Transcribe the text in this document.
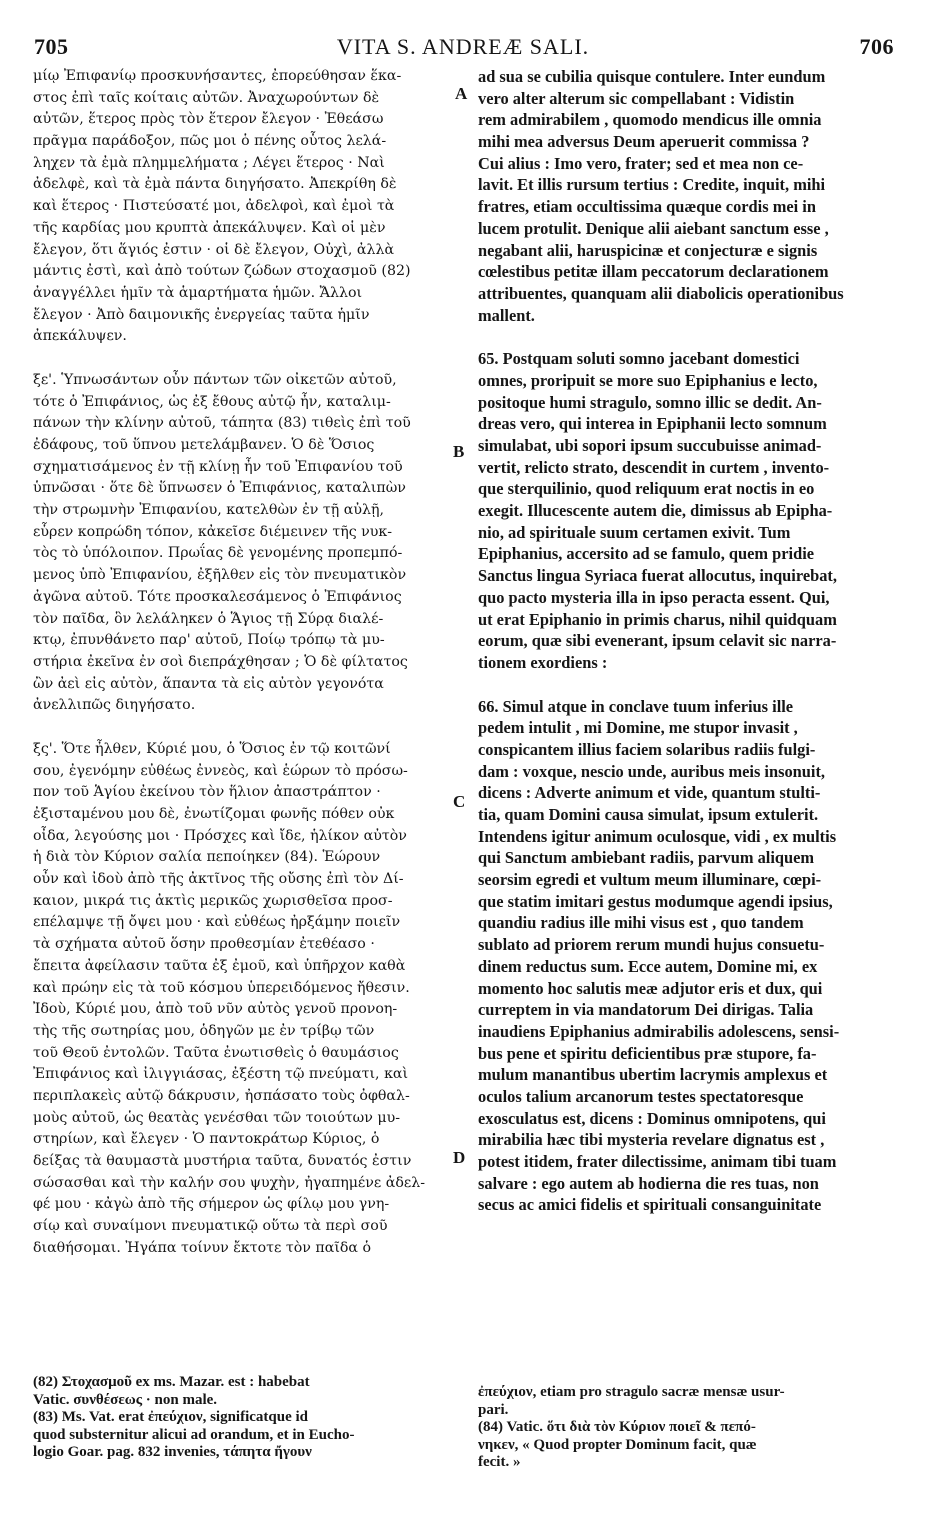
705	VITA S. ANDREÆ SALI.	706
μίῳ Ἐπιφανίῳ προσκυνήσαντες, ἐπορεύθησαν ἕκα-
στος ἐπὶ ταῖς κοίταις αὐτῶν. Ἀναχωρούντων δὲ
αὐτῶν, ἕτερος πρὸς τὸν ἕτερον ἔλεγον · Ἐθεάσω
πρᾶγμα παράδοξον, πῶς μοι ὁ πένης οὗτος λελά-
ληχεν τὰ ἐμὰ πλημμελήματα ; Λέγει ἕτερος · Ναὶ
ἀδελφὲ, καὶ τὰ ἐμὰ πάντα διηγήσατο. Ἀπεκρίθη δὲ
καὶ ἕτερος · Πιστεύσατέ μοι, ἀδελφοὶ, καὶ ἐμοὶ τὰ
τῆς καρδίας μου κρυπτὰ ἀπεκάλυψεν. Καὶ οἱ μὲν
ἔλεγον, ὅτι ἅγιός ἐστιν · οἱ δὲ ἔλεγον, Οὐχὶ, ἀλλὰ
μάντις ἐστὶ, καὶ ἀπὸ τούτων ζώδων στοχασμοῦ (82)
ἀναγγέλλει ἡμῖν τὰ ἁμαρτήματα ἡμῶν. Ἄλλοι
ἔλεγον · Ἀπὸ δαιμονικῆς ἐνεργείας ταῦτα ἡμῖν
ἀπεκάλυψεν.
ξε'. Ὑπνωσάντων οὖν πάντων τῶν οἰκετῶν αὐτοῦ,
τότε ὁ Ἐπιφάνιος, ὡς ἐξ ἔθους αὐτῷ ἦν, καταλιμ-
πάνων τὴν κλίνην αὐτοῦ, τάπητα (83) τιθεὶς ἐπὶ τοῦ
ἐδάφους, τοῦ ὕπνου μετελάμβανεν. Ὁ δὲ Ὅσιος
σχηματισάμενος ἐν τῇ κλίνῃ ἦν τοῦ Ἐπιφανίου τοῦ
ὑπνῶσαι · ὅτε δὲ ὕπνωσεν ὁ Ἐπιφάνιος, καταλιπὼν
τὴν στρωμνὴν Ἐπιφανίου, κατελθὼν ἐν τῇ αὐλῇ,
εὗρεν κοπρώδη τόπον, κἀκεῖσε διέμεινεν τῆς νυκ-
τὸς τὸ ὑπόλοιπον. Πρωΐας δὲ γενομένης προπεμπό-
μενος ὑπὸ Ἐπιφανίου, ἐξῆλθεν εἰς τὸν πνευματικὸν
ἀγῶνα αὐτοῦ. Τότε προσκαλεσάμενος ὁ Ἐπιφάνιος
τὸν παῖδα, ὃν λελάληκεν ὁ Ἅγιος τῇ Σύρᾳ διαλέ-
κτῳ, ἐπυνθάνετο παρ' αὐτοῦ, Ποίῳ τρόπῳ τὰ μυ-
στήρια ἐκεῖνα ἐν σοὶ διεπράχθησαν ; Ὁ δὲ φίλτατος
ὢν ἀεὶ εἰς αὐτὸν, ἅπαντα τὰ εἰς αὐτὸν γεγονότα
ἀνελλιπῶς διηγήσατο.
ξς'. Ὅτε ἦλθεν, Κύριέ μου, ὁ Ὅσιος ἐν τῷ κοιτῶνί
σου, ἐγενόμην εὐθέως ἐννεὸς, καὶ ἑώρων τὸ πρόσω-
πον τοῦ Ἁγίου ἐκείνου τὸν ἥλιον ἀπαστράπτον ·
ἐξισταμένου μου δὲ, ἐνωτίζομαι φωνῆς πόθεν οὐκ
οἶδα, λεγούσης μοι · Πρόσχες καὶ ἴδε, ἡλίκον αὐτὸν
ἡ διὰ τὸν Κύριον σαλία πεποίηκεν (84). Ἑώρουν
οὖν καὶ ἰδοὺ ἀπὸ τῆς ἀκτῖνος τῆς οὔσης ἐπὶ τὸν Δί-
καιον, μικρά τις ἀκτὶς μερικῶς χωρισθεῖσα προσ-
επέλαμψε τῇ ὄψει μου · καὶ εὐθέως ἠρξάμην ποιεῖν
τὰ σχήματα αὐτοῦ ὅσην προθεσμίαν ἐτεθέασο ·
ἔπειτα ἀφείλασιν ταῦτα ἐξ ἐμοῦ, καὶ ὑπῆρχον καθὰ
καὶ πρώην εἰς τὰ τοῦ κόσμου ὑπερειδόμενος ἤθεσιν.
Ἰδοὺ, Κύριέ μου, ἀπὸ τοῦ νῦν αὐτὸς γενοῦ προνοη-
τὴς τῆς σωτηρίας μου, ὁδηγῶν με ἐν τρίβῳ τῶν
τοῦ Θεοῦ ἐντολῶν. Ταῦτα ἐνωτισθεὶς ὁ θαυμάσιος
Ἐπιφάνιος καὶ ἰλιγγιάσας, ἐξέστη τῷ πνεύματι, καὶ
περιπλακεὶς αὐτῷ δάκρυσιν, ἠσπάσατο τοὺς ὀφθαλ-
μοὺς αὐτοῦ, ὡς θεατὰς γενέσθαι τῶν τοιούτων μυ-
στηρίων, καὶ ἔλεγεν · Ὁ παντοκράτωρ Κύριος, ὁ
δείξας τὰ θαυμαστὰ μυστήρια ταῦτα, δυνατός ἐστιν
σώσασθαι καὶ τὴν καλήν σου ψυχὴν, ἠγαπημένε ἀδελ-
φέ μου · κἀγὼ ἀπὸ τῆς σήμερον ὡς φίλῳ μου γνη-
σίῳ καὶ συναίμονι πνευματικῷ οὕτω τὰ περὶ σοῦ
διαθήσομαι. Ἠγάπα τοίνυν ἔκτοτε τὸν παῖδα ὁ
ad sua se cubilia quisque contulere. Inter eundum
vero alter alterum sic compellabant : Vidistin
rem admirabilem , quomodo mendicus ille omnia
mihi mea adversus Deum aperuerit commissa ?
Cui alius : Imo vero, frater; sed et mea non ce-
lavit. Et illis rursum tertius : Credite, inquit, mihi
fratres, etiam occultissima quæque cordis mei in
lucem protulit. Denique alii aiebant sanctum esse ,
negabant alii, haruspicinæ et conjecturæ e signis
cœlestibus petitæ illam peccatorum declarationem
attribuentes, quanquam alii diabolicis operationibus
mallent.
65. Postquam soluti somno jacebant domestici
omnes, proripuit se more suo Epiphanius e lecto,
positoque humi stragulo, somno illic se dedit. An-
dreas vero, qui interea in Epiphanii lecto somnum
simulabat, ubi sopori ipsum succubuisse animad-
vertit, relicto strato, descendit in curtem , invento-
que sterquilinio, quod reliquum erat noctis in eo
exegit. Illucescente autem die, dimissus ab Epipha-
nio, ad spirituale suum certamen exivit. Tum
Epiphanius, accersito ad se famulo, quem pridie
Sanctus lingua Syriaca fuerat allocutus, inquirebat,
quo pacto mysteria illa in ipso peracta essent. Qui,
ut erat Epiphanio in primis charus, nihil quidquam
eorum, quæ sibi evenerant, ipsum celavit sic narra-
tionem exordiens :
66. Simul atque in conclave tuum inferius ille
pedem intulit , mi Domine, me stupor invasit ,
conspicantem illius faciem solaribus radiis fulgi-
dam : voxque, nescio unde, auribus meis insonuit,
dicens : Adverte animum et vide, quantum stulti-
tia, quam Domini causa simulat, ipsum extulerit.
Intendens igitur animum oculosque, vidi , ex multis
qui Sanctum ambiebant radiis, parvum aliquem
seorsim egredi et vultum meum illuminare, cœpi-
que statim imitari gestus modumque agendi ipsius,
quandiu radius ille mihi visus est , quo tandem
sublato ad priorem rerum mundi hujus consuetu-
dinem reductus sum. Ecce autem, Domine mi, ex
momento hoc salutis meæ adjutor eris et dux, qui
curreptem in via mandatorum Dei dirigas. Talia
inaudiens Epiphanius admirabilis adolescens, sensi-
bus pene et spiritu deficientibus præ stupore, fa-
mulum manantibus ubertim lacrymis amplexus et
oculos talium arcanorum testes spectatoresque
exosculatus est, dicens : Dominus omnipotens, qui
mirabilia hæc tibi mysteria revelare dignatus est ,
potest itidem, frater dilectissime, animam tibi tuam
salvare : ego autem ab hodierna die res tuas, non
secus ac amici fidelis et spirituali consanguinitate
A
B
C
D
(82) Στοχασμοῦ ex ms. Mazar. est : habebat
Vatic. συνθέσεως · non male.
(83) Ms. Vat. erat ἐπεύχιον, significatque id
quod substernitur alicui ad orandum, et in Eucho-
logio Goar. pag. 832 invenies, τάπητα ἤγουν
ἐπεύχιον, etiam pro stragulo sacræ mensæ usur-
pari.
(84) Vatic. ὅτι διὰ τὸν Κύριον ποιεῖ & πεπό-
νηκεν, « Quod propter Dominum facit, quæ
fecit. »
